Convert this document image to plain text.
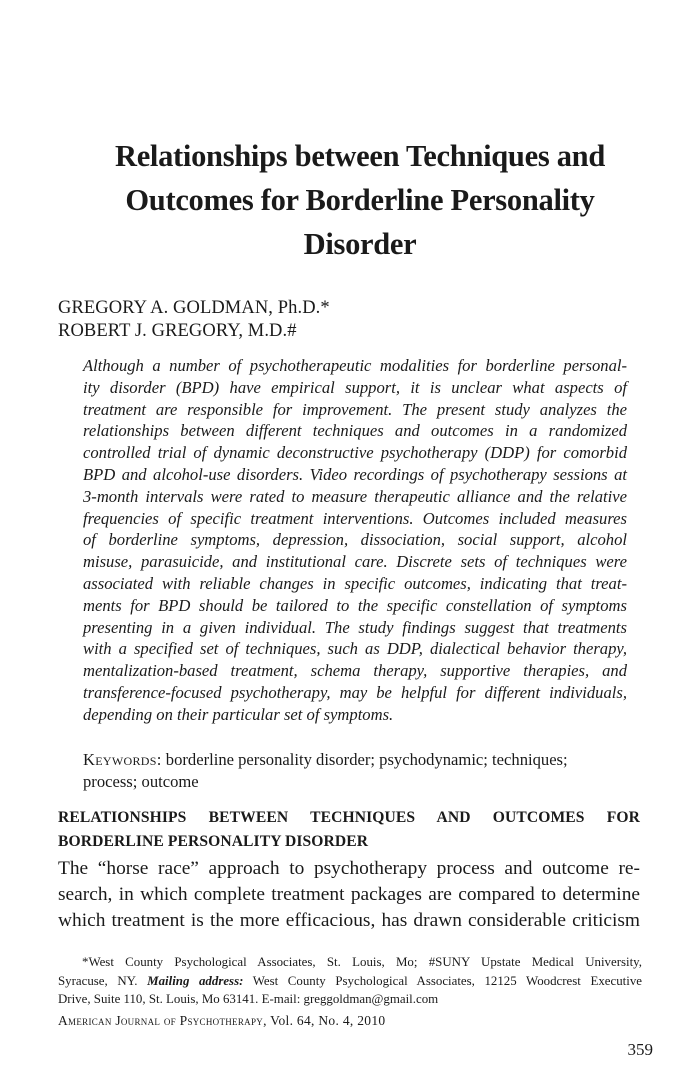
Relationships between Techniques and
Outcomes for Borderline Personality
Disorder
GREGORY A. GOLDMAN, Ph.D.*
ROBERT J. GREGORY, M.D.#
Although a number of psychotherapeutic modalities for borderline personal-
ity disorder (BPD) have empirical support, it is unclear what aspects of
treatment are responsible for improvement. The present study analyzes the
relationships between different techniques and outcomes in a randomized
controlled trial of dynamic deconstructive psychotherapy (DDP) for comorbid
BPD and alcohol-use disorders. Video recordings of psychotherapy sessions at
3-month intervals were rated to measure therapeutic alliance and the relative
frequencies of specific treatment interventions. Outcomes included measures
of borderline symptoms, depression, dissociation, social support, alcohol
misuse, parasuicide, and institutional care. Discrete sets of techniques were
associated with reliable changes in specific outcomes, indicating that treat-
ments for BPD should be tailored to the specific constellation of symptoms
presenting in a given individual. The study findings suggest that treatments
with a specified set of techniques, such as DDP, dialectical behavior therapy,
mentalization-based treatment, schema therapy, supportive therapies, and
transference-focused psychotherapy, may be helpful for different individuals,
depending on their particular set of symptoms.
Keywords: borderline personality disorder; psychodynamic; techniques;
process; outcome
RELATIONSHIPS BETWEEN TECHNIQUES AND OUTCOMES FOR
BORDERLINE PERSONALITY DISORDER
The “horse race” approach to psychotherapy process and outcome re-
search, in which complete treatment packages are compared to determine
which treatment is the more efficacious, has drawn considerable criticism
*West County Psychological Associates, St. Louis, Mo; #SUNY Upstate Medical University,
Syracuse, NY. Mailing address: West County Psychological Associates, 12125 Woodcrest Executive
Drive, Suite 110, St. Louis, Mo 63141. E-mail: greggoldman@gmail.com
American Journal of Psychotherapy, Vol. 64, No. 4, 2010
359
